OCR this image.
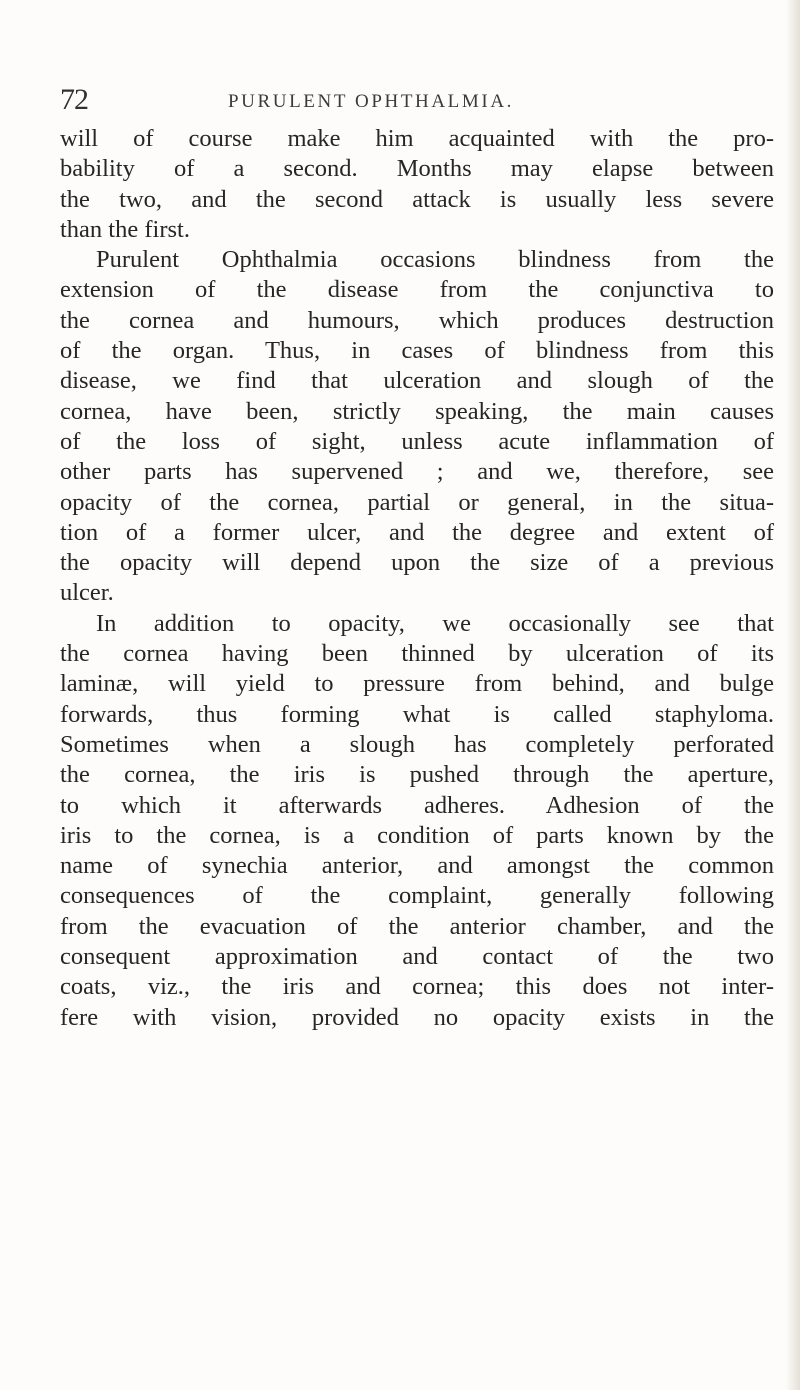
72	PURULENT OPHTHALMIA.
will of course make him acquainted with the pro-
bability of a second. Months may elapse between
the two, and the second attack is usually less severe
than the first.
Purulent Ophthalmia occasions blindness from the
extension of the disease from the conjunctiva to
the cornea and humours, which produces destruction
of the organ. Thus, in cases of blindness from this
disease, we find that ulceration and slough of the
cornea, have been, strictly speaking, the main causes
of the loss of sight, unless acute inflammation of
other parts has supervened ; and we, therefore, see
opacity of the cornea, partial or general, in the situa-
tion of a former ulcer, and the degree and extent of
the opacity will depend upon the size of a previous
ulcer.
In addition to opacity, we occasionally see that
the cornea having been thinned by ulceration of its
laminæ, will yield to pressure from behind, and bulge
forwards, thus forming what is called staphyloma.
Sometimes when a slough has completely perforated
the cornea, the iris is pushed through the aperture,
to which it afterwards adheres. Adhesion of the
iris to the cornea, is a condition of parts known by the
name of synechia anterior, and amongst the common
consequences of the complaint, generally following
from the evacuation of the anterior chamber, and the
consequent approximation and contact of the two
coats, viz., the iris and cornea; this does not inter-
fere with vision, provided no opacity exists in the
